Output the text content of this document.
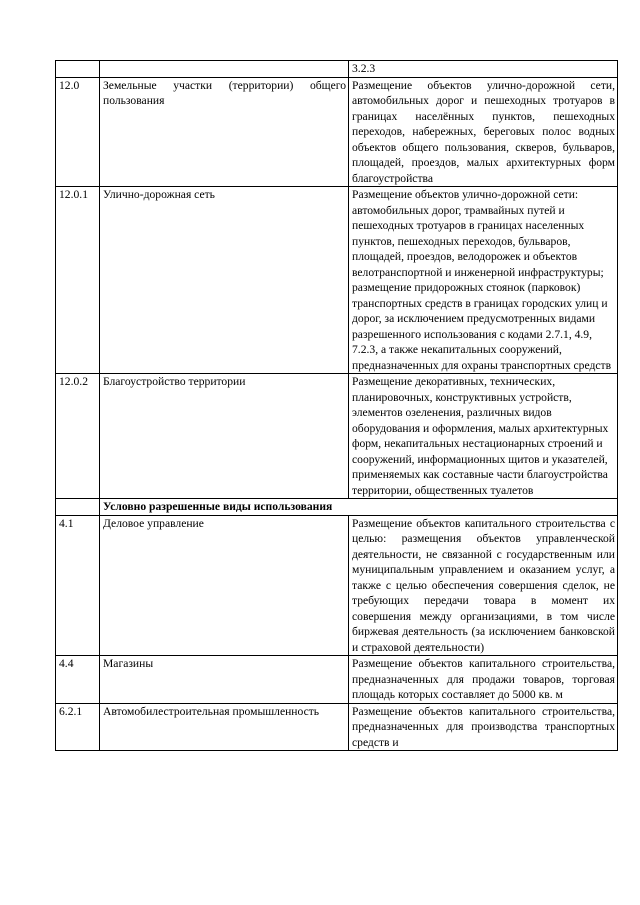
		3.2.3
12.0	Земельные участки (территории) общего пользования	Размещение объектов улично-дорожной сети, автомобильных дорог и пешеходных тротуаров в границах населённых пунктов, пешеходных переходов, набережных, береговых полос водных объектов общего пользования, скверов, бульваров, площадей, проездов, малых архитектурных форм благоустройства
12.0.1	Улично-дорожная сеть	Размещение объектов улично-дорожной сети: автомобильных дорог, трамвайных путей и пешеходных тротуаров в границах населенных пунктов, пешеходных переходов, бульваров, площадей, проездов, велодорожек и объектов велотранспортной и инженерной инфраструктуры; размещение придорожных стоянок (парковок) транспортных средств в границах городских улиц и дорог, за исключением предусмотренных видами разрешенного использования с кодами 2.7.1, 4.9, 7.2.3, а также некапитальных сооружений, предназначенных для охраны транспортных средств
12.0.2	Благоустройство территории	Размещение декоративных, технических, планировочных, конструктивных устройств, элементов озеленения, различных видов оборудования и оформления, малых архитектурных форм, некапитальных нестационарных строений и сооружений, информационных щитов и указателей, применяемых как составные части благоустройства территории, общественных туалетов
	Условно разрешенные виды использования	
4.1	Деловое управление	Размещение объектов капитального строительства с целью: размещения объектов управленческой деятельности, не связанной с государственным или муниципальным управлением и оказанием услуг, а также с целью обеспечения совершения сделок, не требующих передачи товара в момент их совершения между организациями, в том числе биржевая деятельность (за исключением банковской и страховой деятельности)
4.4	Магазины	Размещение объектов капитального строительства, предназначенных для продажи товаров, торговая площадь которых составляет до 5000 кв. м
6.2.1	Автомобилестроительная промышленность	Размещение объектов капитального строительства, предназначенных для производства транспортных средств и
